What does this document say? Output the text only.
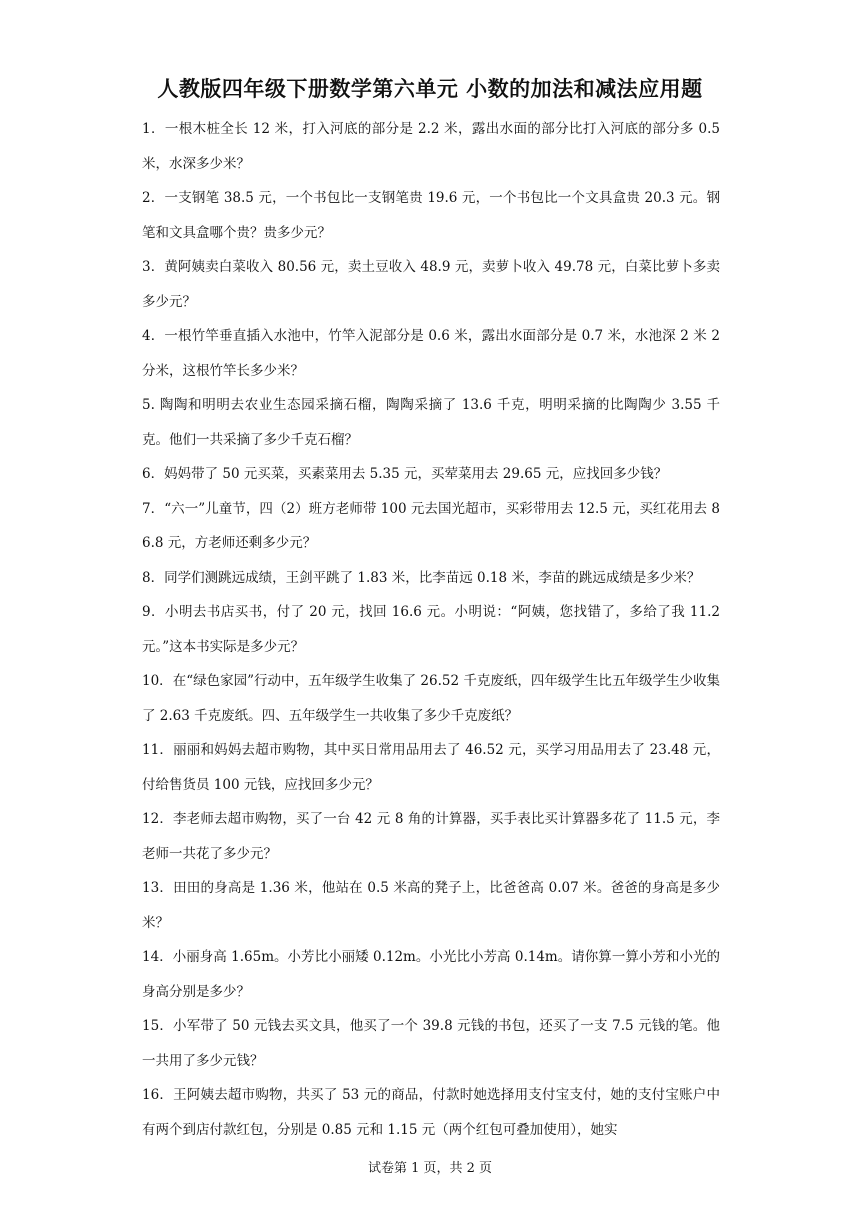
人教版四年级下册数学第六单元 小数的加法和减法应用题
1．一根木桩全长 12 米，打入河底的部分是 2.2 米，露出水面的部分比打入河底的部分多 0.5 米，水深多少米？
2．一支钢笔 38.5 元，一个书包比一支钢笔贵 19.6 元，一个书包比一个文具盒贵 20.3 元。钢笔和文具盒哪个贵？贵多少元？
3．黄阿姨卖白菜收入 80.56 元，卖土豆收入 48.9 元，卖萝卜收入 49.78 元，白菜比萝卜多卖多少元？
4．一根竹竿垂直插入水池中，竹竿入泥部分是 0.6 米，露出水面部分是 0.7 米，水池深 2 米 2 分米，这根竹竿长多少米？
5. 陶陶和明明去农业生态园采摘石榴，陶陶采摘了 13.6 千克，明明采摘的比陶陶少 3.55 千克。他们一共采摘了多少千克石榴？
6．妈妈带了 50 元买菜，买素菜用去 5.35 元，买荤菜用去 29.65 元，应找回多少钱？
7．“六一”儿童节，四（2）班方老师带 100 元去国光超市，买彩带用去 12.5 元，买红花用去 86.8 元，方老师还剩多少元？
8．同学们测跳远成绩，王剑平跳了 1.83 米，比李苗远 0.18 米，李苗的跳远成绩是多少米？
9．小明去书店买书，付了 20 元，找回 16.6 元。小明说：“阿姨，您找错了，多给了我 11.2 元。”这本书实际是多少元？
10．在“绿色家园”行动中，五年级学生收集了 26.52 千克废纸，四年级学生比五年级学生少收集了 2.63 千克废纸。四、五年级学生一共收集了多少千克废纸？
11．丽丽和妈妈去超市购物，其中买日常用品用去了 46.52 元，买学习用品用去了 23.48 元，付给售货员 100 元钱，应找回多少元？
12．李老师去超市购物，买了一台 42 元 8 角的计算器，买手表比买计算器多花了 11.5 元，李老师一共花了多少元？
13．田田的身高是 1.36 米，他站在 0.5 米高的凳子上，比爸爸高 0.07 米。爸爸的身高是多少米？
14．小丽身高 1.65m。小芳比小丽矮 0.12m。小光比小芳高 0.14m。请你算一算小芳和小光的身高分别是多少？
15．小军带了 50 元钱去买文具，他买了一个 39.8 元钱的书包，还买了一支 7.5 元钱的笔。他一共用了多少元钱？
16．王阿姨去超市购物，共买了 53 元的商品，付款时她选择用支付宝支付，她的支付宝账户中有两个到店付款红包，分别是 0.85 元和 1.15 元（两个红包可叠加使用），她实
试卷第 1 页，共 2 页
